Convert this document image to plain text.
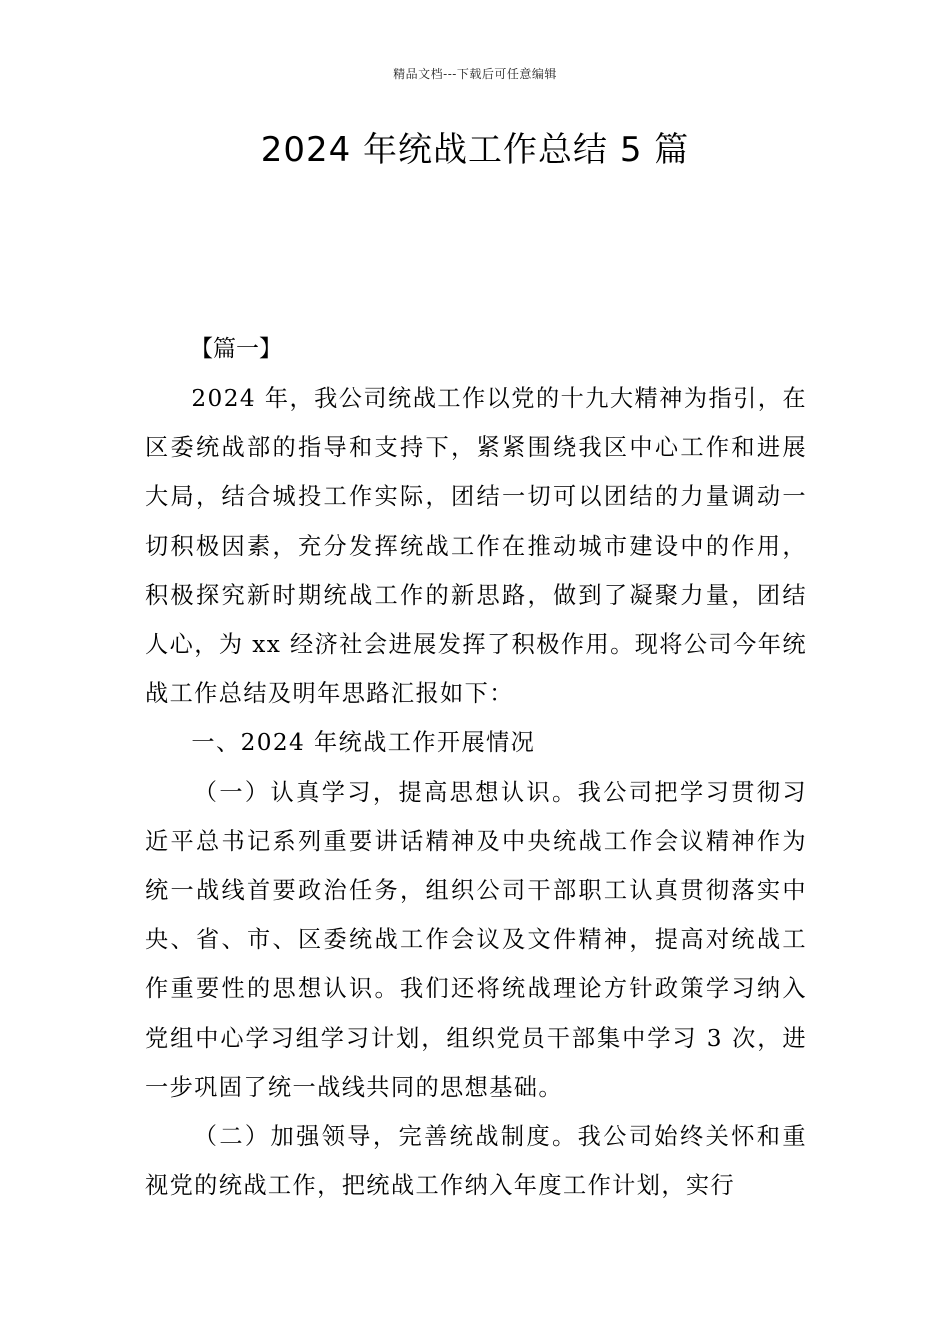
精品文档---下载后可任意编辑
2024 年统战工作总结 5 篇
【篇一】

2024 年，我公司统战工作以党的十九大精神为指引，在区委统战部的指导和支持下，紧紧围绕我区中心工作和进展大局，结合城投工作实际，团结一切可以团结的力量调动一切积极因素，充分发挥统战工作在推动城市建设中的作用，积极探究新时期统战工作的新思路，做到了凝聚力量，团结人心，为 xx 经济社会进展发挥了积极作用。现将公司今年统战工作总结及明年思路汇报如下：

一、2024 年统战工作开展情况

（一）认真学习，提高思想认识。我公司把学习贯彻习近平总书记系列重要讲话精神及中央统战工作会议精神作为统一战线首要政治任务，组织公司干部职工认真贯彻落实中央、省、市、区委统战工作会议及文件精神，提高对统战工作重要性的思想认识。我们还将统战理论方针政策学习纳入党组中心学习组学习计划，组织党员干部集中学习 3 次，进一步巩固了统一战线共同的思想基础。

（二）加强领导，完善统战制度。我公司始终关怀和重视党的统战工作，把统战工作纳入年度工作计划，实行
